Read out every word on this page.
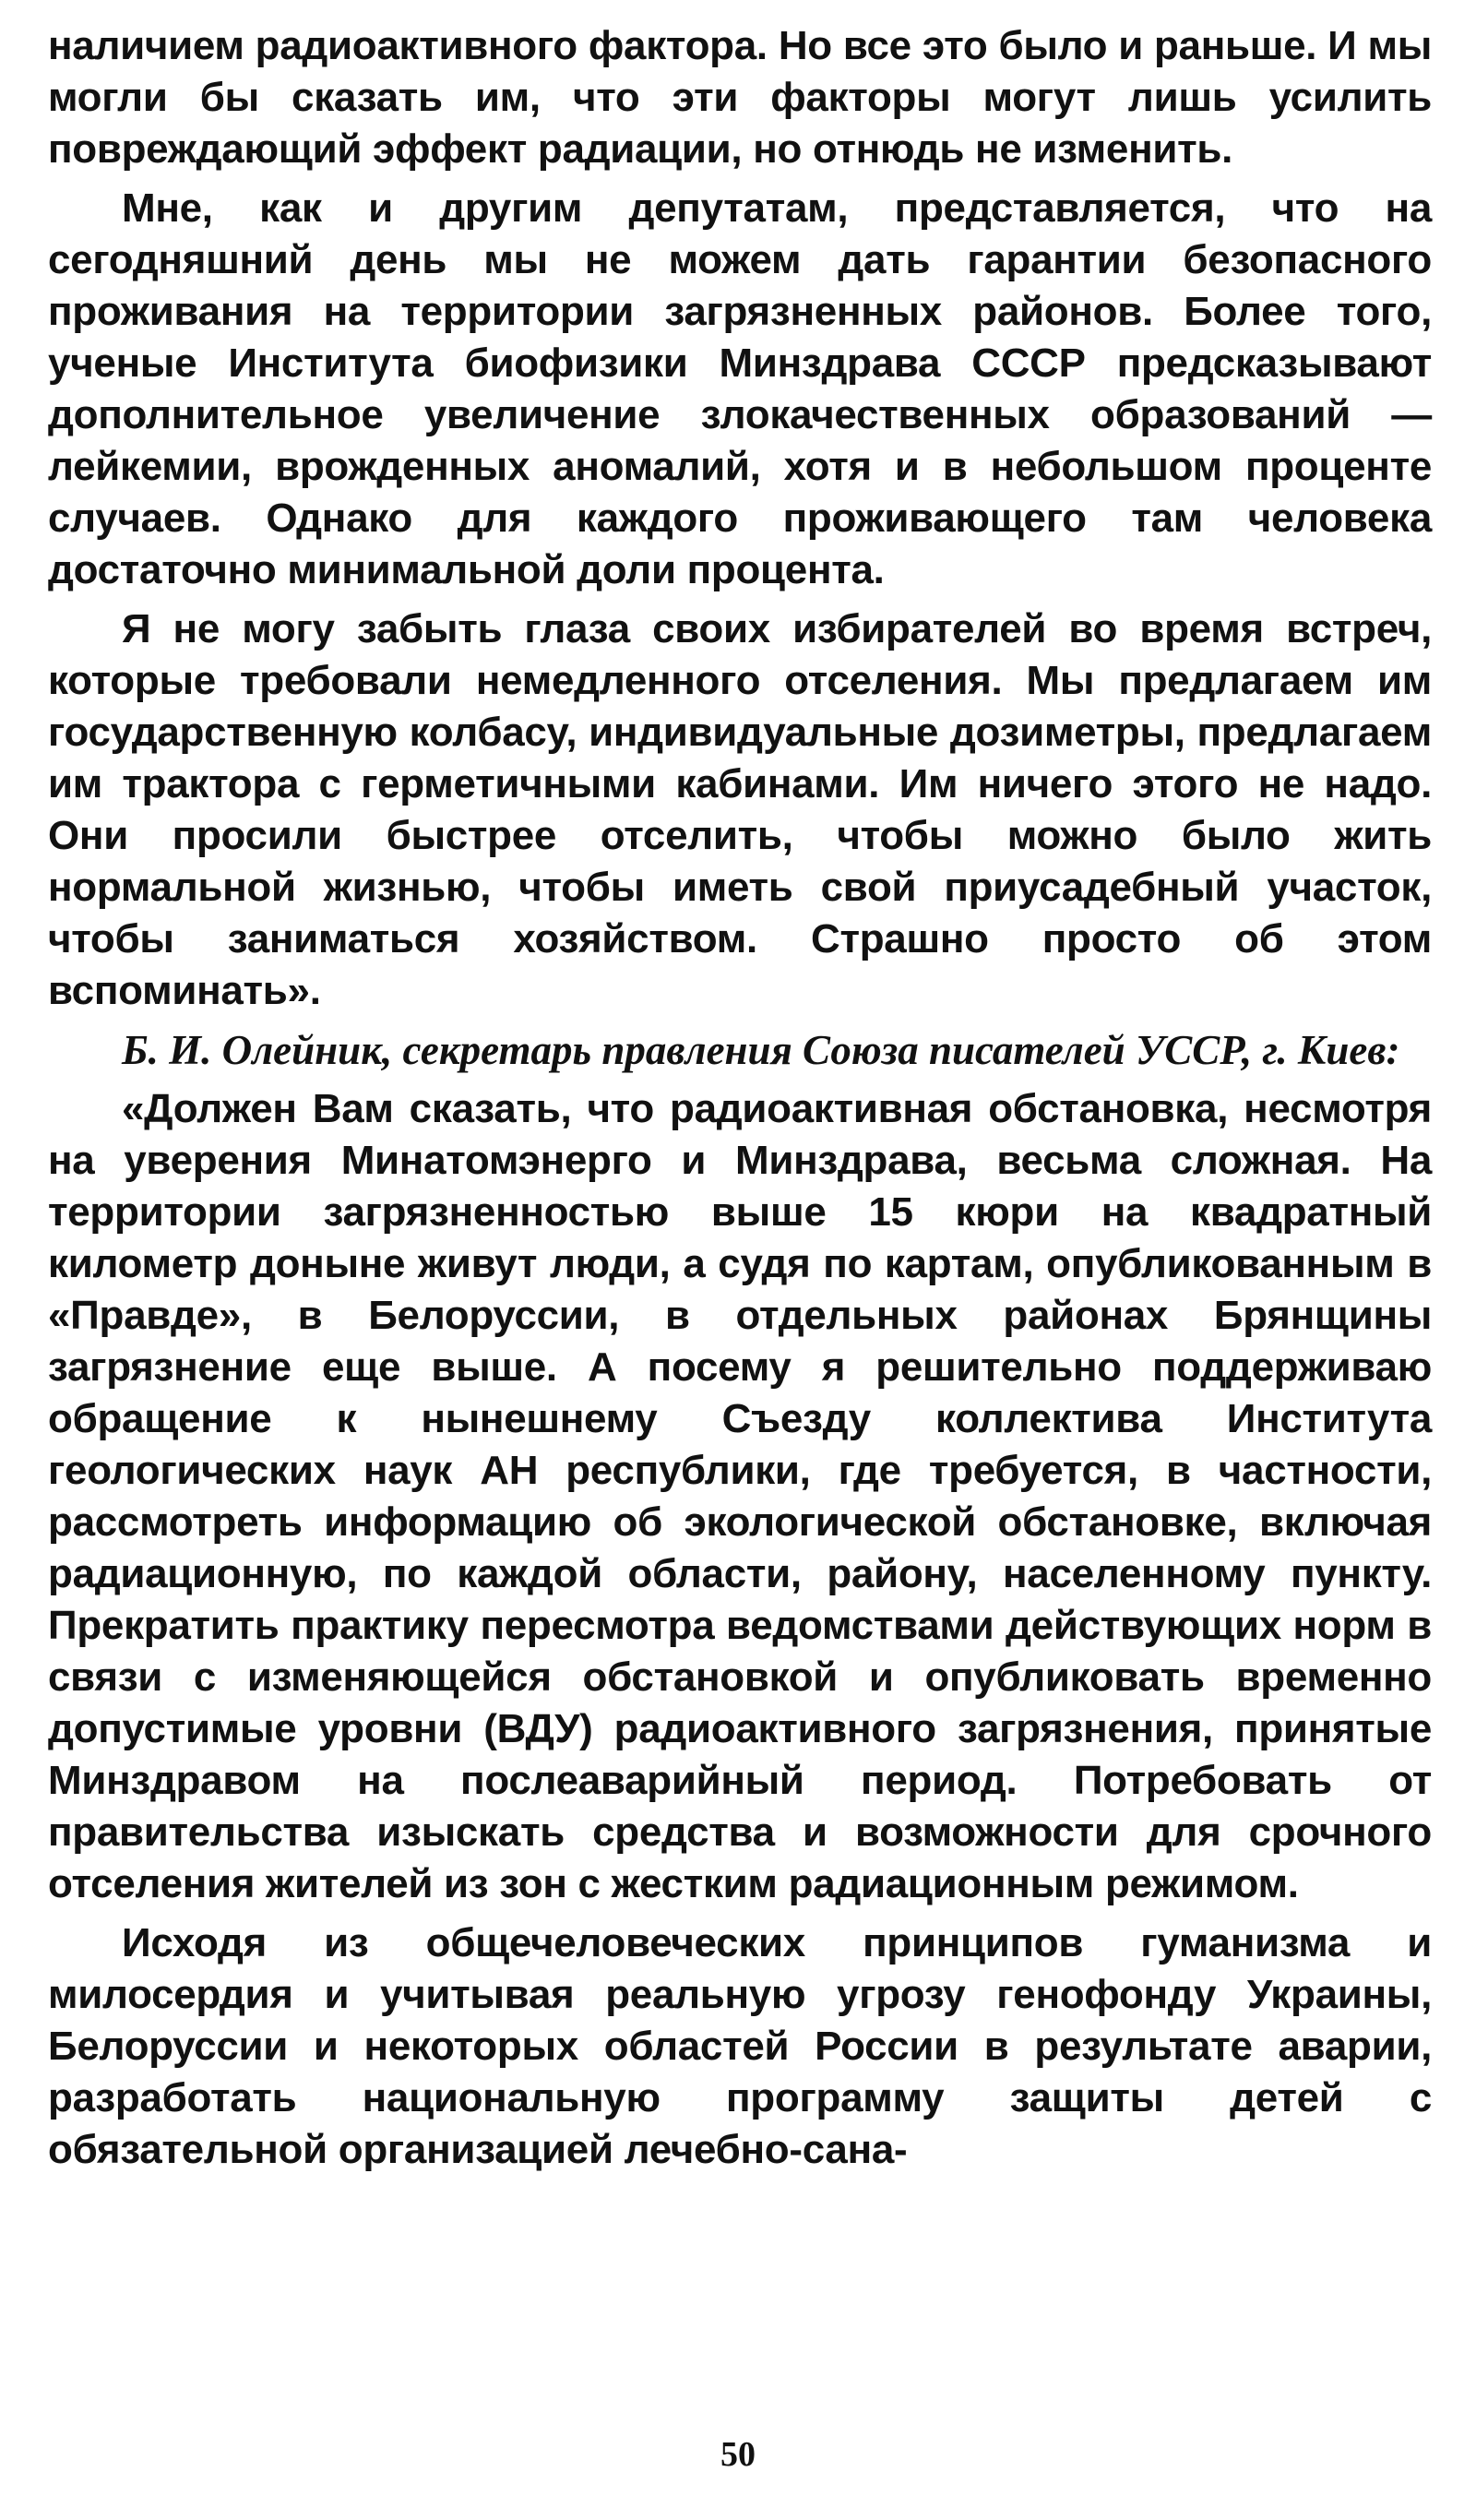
наличием радиоактивного фактора. Но все это было и раньше. И мы могли бы сказать им, что эти факторы могут лишь усилить повреждающий эффект радиации, но отнюдь не изменить.

Мне, как и другим депутатам, представляется, что на сегодняшний день мы не можем дать гарантии безопасного проживания на территории загрязненных районов. Более того, ученые Института биофизики Минздрава СССР предсказывают дополнительное увеличение злокачественных образований — лейкемии, врожденных аномалий, хотя и в небольшом проценте случаев. Однако для каждого проживающего там человека достаточно минимальной доли процента.

Я не могу забыть глаза своих избирателей во время встреч, которые требовали немедленного отселения. Мы предлагаем им государственную колбасу, индивидуальные дозиметры, предлагаем им трактора с герметичными кабинами. Им ничего этого не надо. Они просили быстрее отселить, чтобы можно было жить нормальной жизнью, чтобы иметь свой приусадебный участок, чтобы заниматься хозяйством. Страшно просто об этом вспоминать».

Б. И. Олейник, секретарь правления Союза писателей УССР, г. Киев:

«Должен Вам сказать, что радиоактивная обстановка, несмотря на уверения Минатомэнерго и Минздрава, весьма сложная. На территории загрязненностью выше 15 кюри на квадратный километр доныне живут люди, а судя по картам, опубликованным в «Правде», в Белоруссии, в отдельных районах Брянщины загрязнение еще выше. А посему я решительно поддерживаю обращение к нынешнему Съезду коллектива Института геологических наук АН республики, где требуется, в частности, рассмотреть информацию об экологической обстановке, включая радиационную, по каждой области, району, населенному пункту. Прекратить практику пересмотра ведомствами действующих норм в связи с изменяющейся обстановкой и опубликовать временно допустимые уровни (ВДУ) радиоактивного загрязнения, принятые Минздравом на послеаварийный период. Потребовать от правительства изыскать средства и возможности для срочного отселения жителей из зон с жестким радиационным режимом.

Исходя из общечеловеческих принципов гуманизма и милосердия и учитывая реальную угрозу генофонду Украины, Белоруссии и некоторых областей России в результате аварии, разработать национальную программу защиты детей с обязательной организацией лечебно-сана-

50
